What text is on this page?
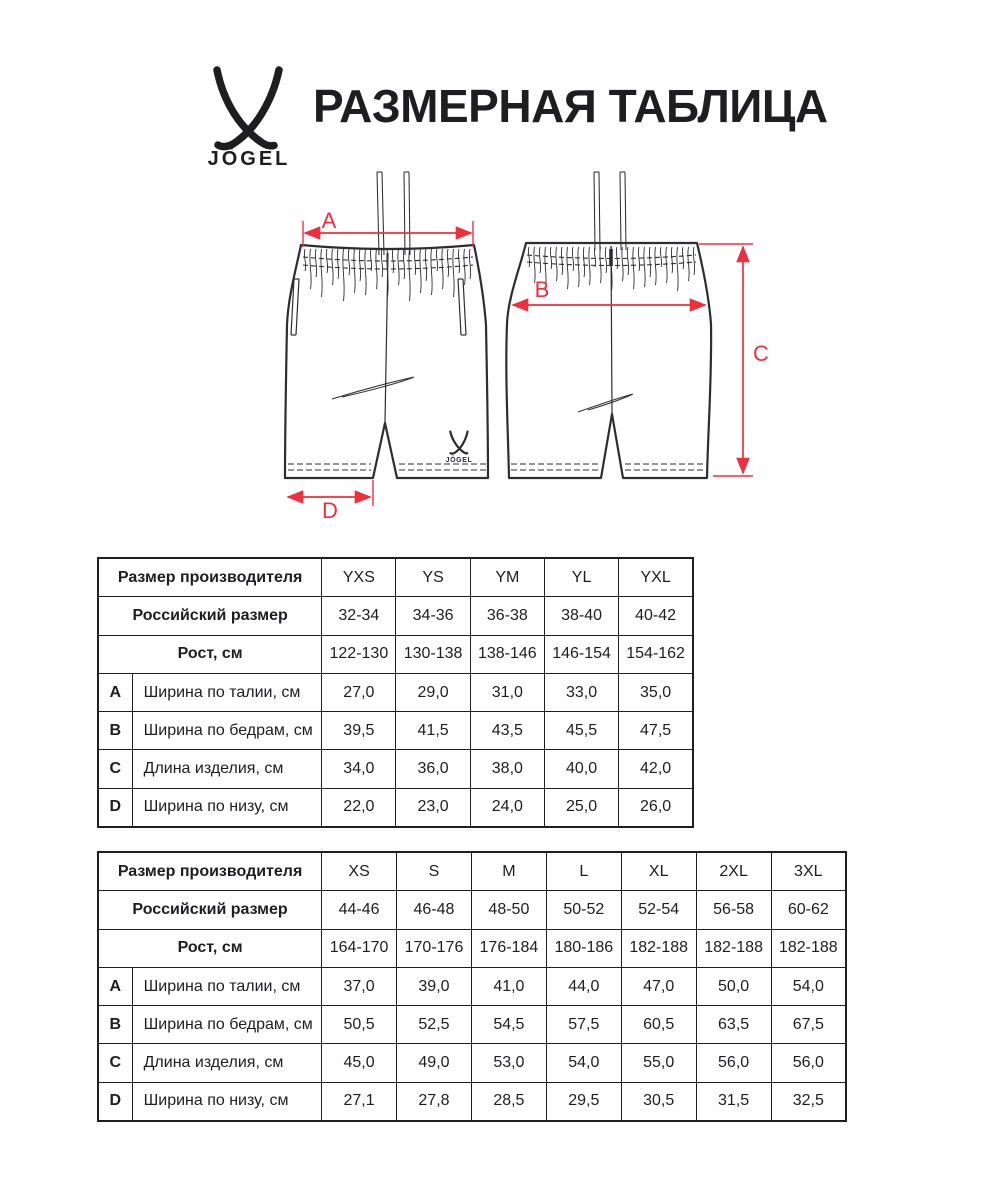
JÖGEL
РАЗМЕРНАЯ ТАБЛИЦА
JÖGEL
A
B
C
D
Размер производителя		YXS	YS	YM	YL	YXL
Российский размер		32-34	34-36	36-38	38-40	40-42
Рост, см		122-130	130-138	138-146	146-154	154-162
A	Ширина по талии, см	27,0	29,0	31,0	33,0	35,0
B	Ширина по бедрам, см	39,5	41,5	43,5	45,5	47,5
C	Длина изделия, см	34,0	36,0	38,0	40,0	42,0
D	Ширина по низу, см	22,0	23,0	24,0	25,0	26,0
Размер производителя		XS	S	M	L	XL	2XL	3XL
Российский размер		44-46	46-48	48-50	50-52	52-54	56-58	60-62
Рост, см		164-170	170-176	176-184	180-186	182-188	182-188	182-188
A	Ширина по талии, см	37,0	39,0	41,0	44,0	47,0	50,0	54,0
B	Ширина по бедрам, см	50,5	52,5	54,5	57,5	60,5	63,5	67,5
C	Длина изделия, см	45,0	49,0	53,0	54,0	55,0	56,0	56,0
D	Ширина по низу, см	27,1	27,8	28,5	29,5	30,5	31,5	32,5
